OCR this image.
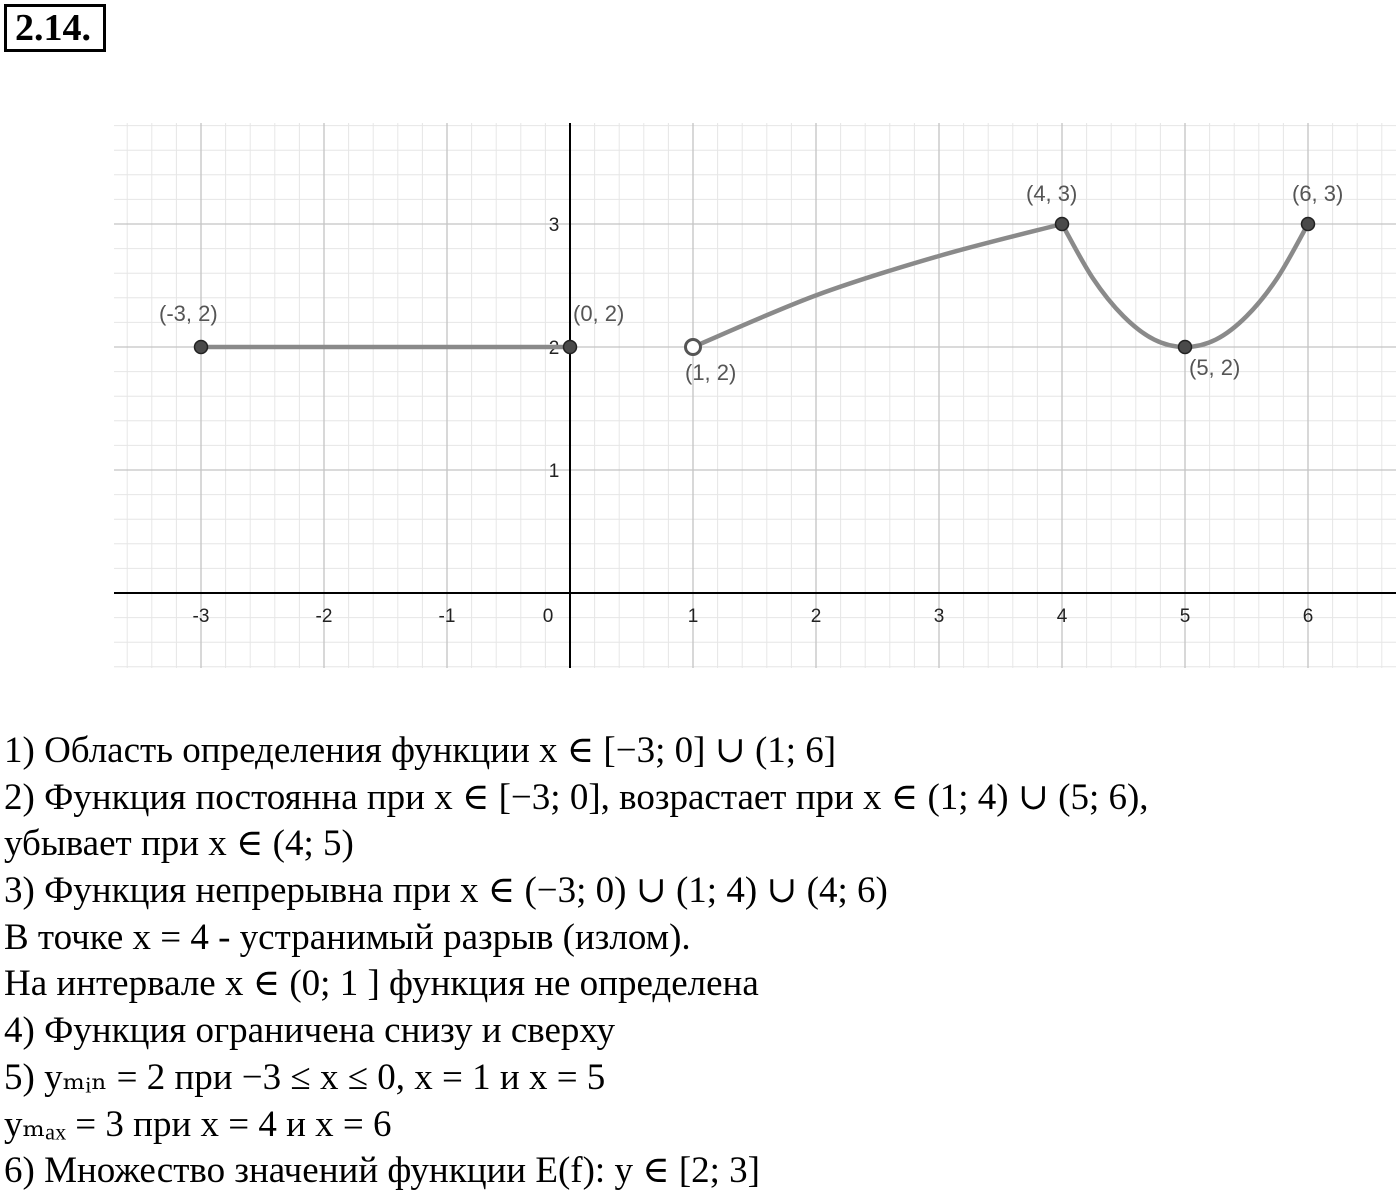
2.14.
-3	-2	-1	0	1	2	3	4	5	6
1
2
3
(-3, 2)	(0, 2)
(1, 2)
(4, 3)
(5, 2)
(6, 3)
1) Область определения функции x ∈ [−3; 0] ∪ (1; 6]
2) Функция постоянна при x ∈ [−3; 0], возрастает при x ∈ (1; 4) ∪ (5; 6),
убывает при x ∈ (4; 5)
3) Функция непрерывна при x ∈ (−3; 0) ∪ (1; 4) ∪ (4; 6)
В точке x = 4 - устранимый разрыв (излом).
На интервале x ∈ (0; 1 ] функция не определена
4) Функция ограничена снизу и сверху
5) yₘᵢₙ = 2 при −3 ≤ x ≤ 0, x = 1 и x = 5
yₘₐₓ = 3 при x = 4 и x = 6
6) Множество значений функции E(f): y ∈ [2; 3]
